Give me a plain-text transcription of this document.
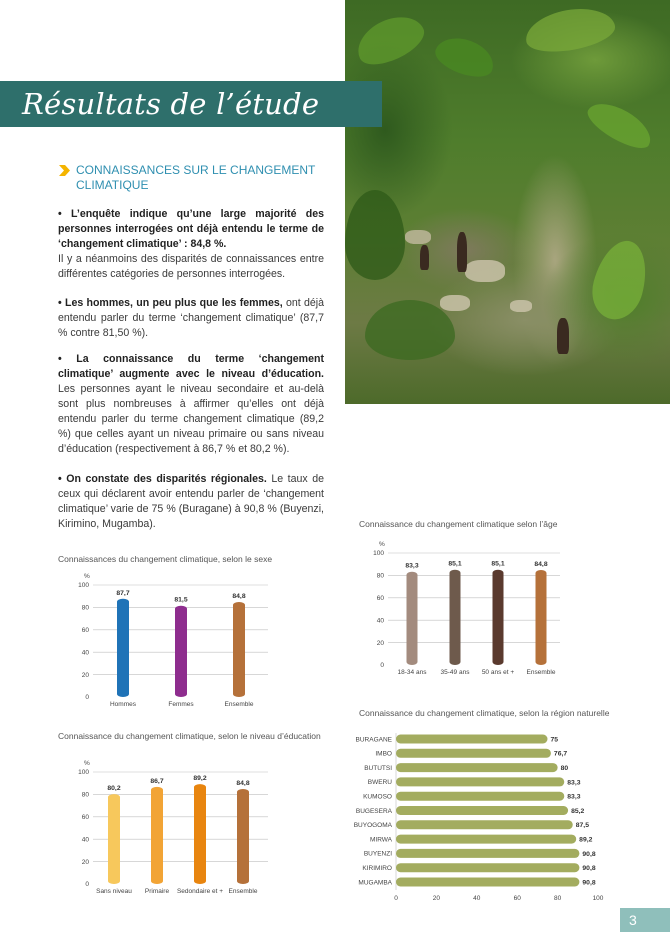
Résultats de l’étude
CONNAISSANCES SUR LE CHANGEMENT
CLIMATIQUE
• L’enquête indique qu’une large majorité des personnes interrogées ont déjà entendu le terme de ‘changement climatique’ : 84,8 %.
Il y a néanmoins des disparités de connaissances entre différentes catégories de personnes interrogées.
• Les hommes, un peu plus que les femmes, ont déjà entendu parler du terme ‘changement climatique’ (87,7 % contre 81,50 %).
• La connaissance du terme ‘changement climatique’ augmente avec le niveau d’éducation. Les personnes ayant le niveau secondaire et au-delà sont plus nombreuses à affirmer qu’elles ont déjà entendu parler du terme changement climatique (89,2 %) que celles ayant un niveau primaire ou sans niveau d’éducation (respectivement à 86,7 % et 80,2 %).
• On constate des disparités régionales. Le taux de ceux qui déclarent avoir entendu parler de ‘changement climatique’ varie de 75 % (Buragane) à 90,8 % (Buyenzi, Kirimino, Mugamba).
Connaissances du changement climatique, selon le sexe
Connaissance du changement climatique selon l’âge
Connaissance du changement climatique, selon le niveau d’éducation
Connaissance du changement climatique, selon la région naturelle
%
0
20
40
60
80
100
87,7
Hommes
81,5
Femmes
84,8
Ensemble
%
0
20
40
60
80
100
83,3
18-34 ans
85,1
35-49 ans
85,1
50 ans et +
84,8
Ensemble
%
0
20
40
60
80
100
80,2
Sans niveau
86,7
Primaire
89,2
Sedondaire et +
84,8
Ensemble
0	20	40	60	80	100
BURAGANE	75
IMBO	76,7
BUTUTSI	80
BWERU	83,3
KUMOSO	83,3
BUGESERA	85,2
BUYOGOMA	87,5
MIRWA	89,2
BUYENZI	90,8
KIRIMIRO	90,8
MUGAMBA	90,8
3
